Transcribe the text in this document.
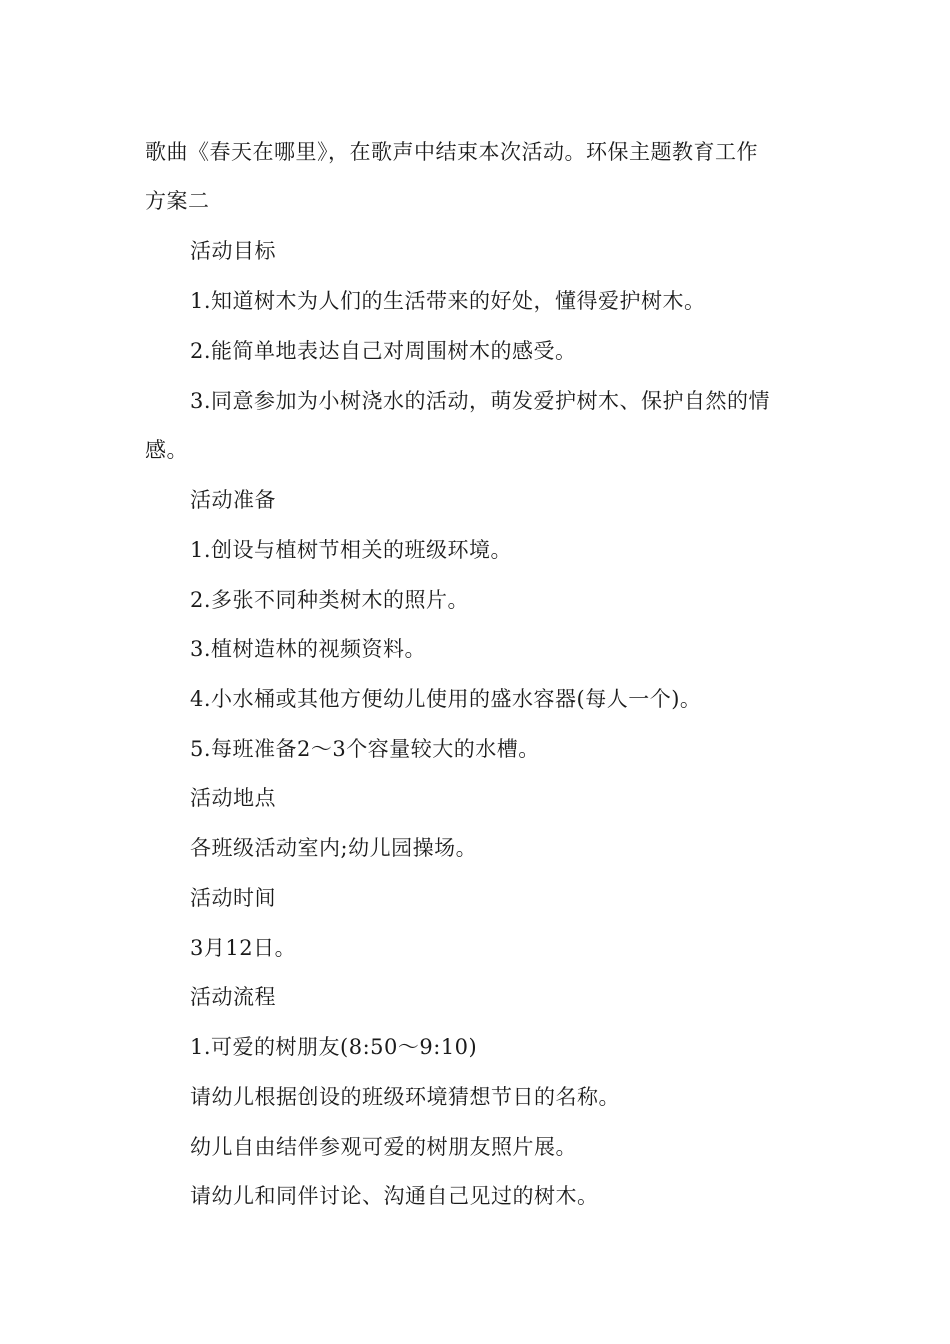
歌曲《春天在哪里》，在歌声中结束本次活动。环保主题教育工作
方案二
活动目标
1.知道树木为人们的生活带来的好处，懂得爱护树木。
2.能简单地表达自己对周围树木的感受。
3.同意参加为小树浇水的活动，萌发爱护树木、保护自然的情
感。
活动准备
1.创设与植树节相关的班级环境。
2.多张不同种类树木的照片。
3.植树造林的视频资料。
4.小水桶或其他方便幼儿使用的盛水容器(每人一个)。
5.每班准备2～3个容量较大的水槽。
活动地点
各班级活动室内;幼儿园操场。
活动时间
3月12日。
活动流程
1.可爱的树朋友(8:50～9:10)
请幼儿根据创设的班级环境猜想节日的名称。
幼儿自由结伴参观可爱的树朋友照片展。
请幼儿和同伴讨论、沟通自己见过的树木。
